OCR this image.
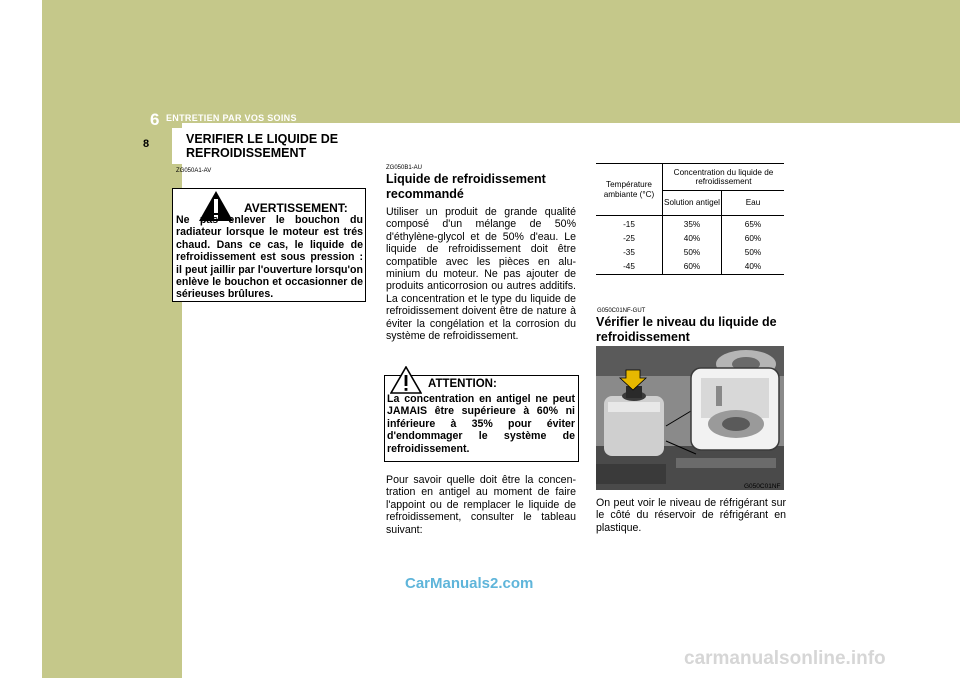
6 ENTRETIEN PAR VOS SOINS
8	VERIFIER LE LIQUIDE DE REFROIDISSEMENT
ZG050A1-AV
AVERTISSEMENT:
Ne pas enlever le bouchon du radiateur lorsque le moteur est trés chaud. Dans ce cas, le liquide de refroidissement est sous pression : il peut jaillir par l'ouverture lorsqu'on enlève le bouchon et occasionner de sérieuses brûlures.
ZG050B1-AU
Liquide de refroidissement recommandé
Utiliser un produit de grande qualité composé d'un mélange de 50% d'éthylène-glycol et de 50% d'eau. Le liquide de refroidissement doit être compatible avec les pièces en alu- minium du moteur. Ne pas ajouter de produits anticorrosion ou autres additifs. La concentration et le type du liquide de refroidissement doivent être de nature à éviter la congélation et la corrosion du système de refroidissement.
ATTENTION:
La concentration en antigel ne peut JAMAIS être supérieure à 60% ni inférieure à 35% pour éviter d'endommager le système de refroidissement.
Pour savoir quelle doit être la concen- tration en antigel au moment de faire l'appoint ou de remplacer le liquide de refroidissement, consulter le tableau suivant:
Température ambiante (°C)	Concentration du liquide de refroidissement	
	Solution antigel	Eau
-15	35%	65%
-25	40%	60%
-35	50%	50%
-45	60%	40%
G050C01NF-GUT
Vérifier le niveau du liquide de refroidissement
G050C01NF
On peut voir le niveau de réfrigérant sur le côté du réservoir de réfrigérant en plastique.
CarManuals2.com
carmanualsonline.info
